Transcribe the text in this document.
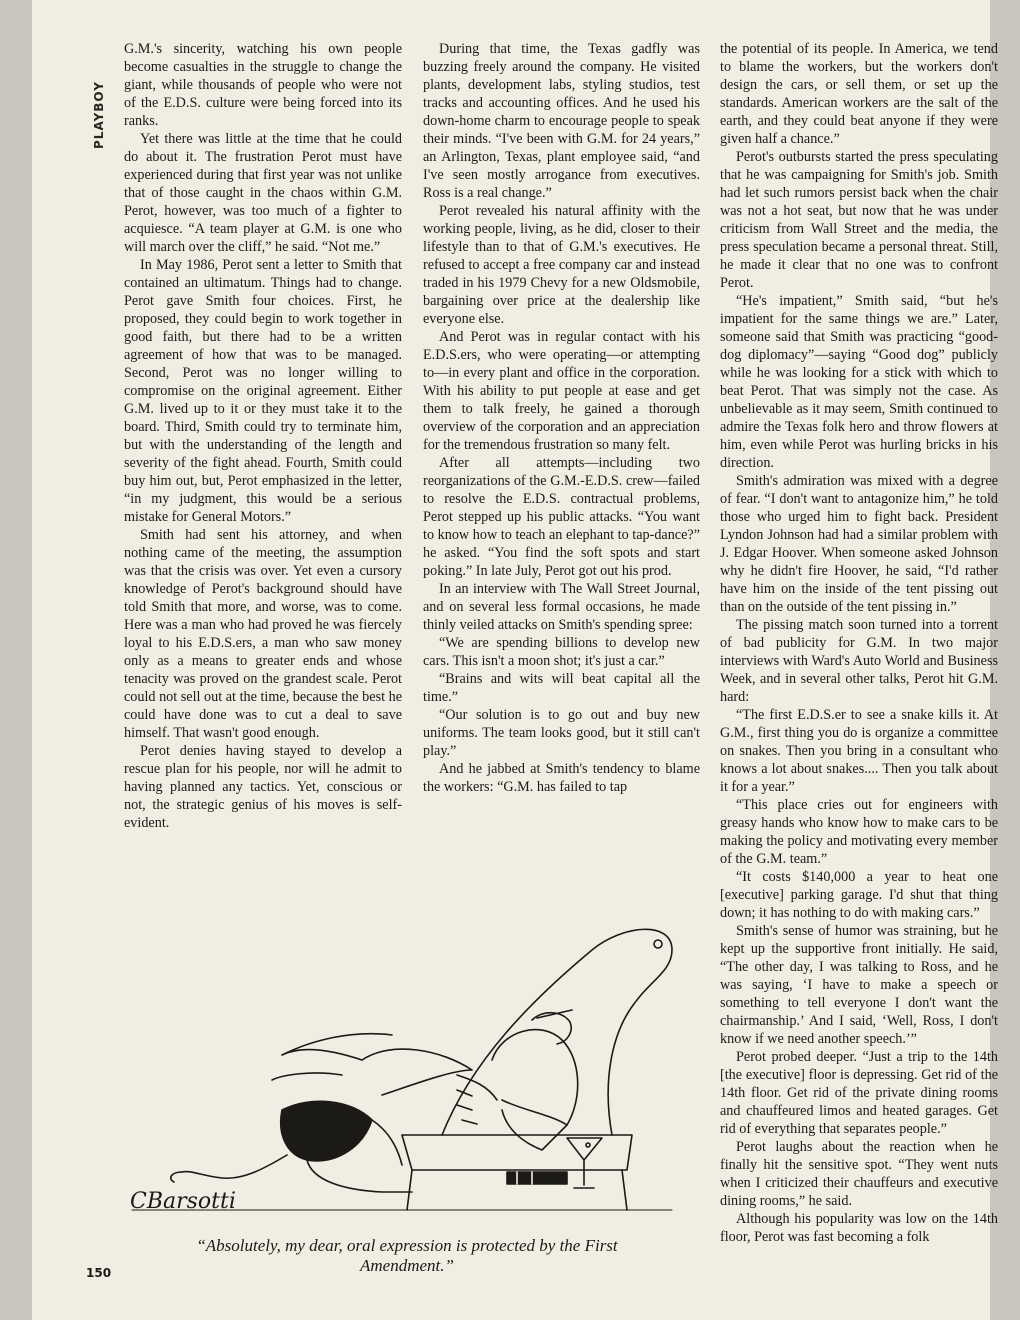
PLAYBOY

G.M.'s sincerity, watching his own people become casualties in the struggle to change the giant, while thousands of people who were not of the E.D.S. culture were being forced into its ranks.

Yet there was little at the time that he could do about it. The frustration Perot must have experienced during that first year was not unlike that of those caught in the chaos within G.M. Perot, however, was too much of a fighter to acquiesce. “A team player at G.M. is one who will march over the cliff,” he said. “Not me.”

In May 1986, Perot sent a letter to Smith that contained an ultimatum. Things had to change. Perot gave Smith four choices. First, he proposed, they could begin to work together in good faith, but there had to be a written agreement of how that was to be managed. Second, Perot was no longer willing to compromise on the original agreement. Either G.M. lived up to it or they must take it to the board. Third, Smith could try to terminate him, but with the understanding of the length and severity of the fight ahead. Fourth, Smith could buy him out, but, Perot emphasized in the letter, “in my judgment, this would be a serious mistake for General Motors.”

Smith had sent his attorney, and when nothing came of the meeting, the assumption was that the crisis was over. Yet even a cursory knowledge of Perot's background should have told Smith that more, and worse, was to come. Here was a man who had proved he was fiercely loyal to his E.D.S.ers, a man who saw money only as a means to greater ends and whose tenacity was proved on the grandest scale. Perot could not sell out at the time, because the best he could have done was to cut a deal to save himself. That wasn't good enough.

Perot denies having stayed to develop a rescue plan for his people, nor will he admit to having planned any tactics. Yet, conscious or not, the strategic genius of his moves is self-evident.

During that time, the Texas gadfly was buzzing freely around the company. He visited plants, development labs, styling studios, test tracks and accounting offices. And he used his down-home charm to encourage people to speak their minds. “I've been with G.M. for 24 years,” an Arlington, Texas, plant employee said, “and I've seen mostly arrogance from executives. Ross is a real change.”

Perot revealed his natural affinity with the working people, living, as he did, closer to their lifestyle than to that of G.M.'s executives. He refused to accept a free company car and instead traded in his 1979 Chevy for a new Oldsmobile, bargaining over price at the dealership like everyone else.

And Perot was in regular contact with his E.D.S.ers, who were operating—or attempting to—in every plant and office in the corporation. With his ability to put people at ease and get them to talk freely, he gained a thorough overview of the corporation and an appreciation for the tremendous frustration so many felt.

After all attempts—including two reorganizations of the G.M.-E.D.S. crew—failed to resolve the E.D.S. contractual problems, Perot stepped up his public attacks. “You want to know how to teach an elephant to tap-dance?” he asked. “You find the soft spots and start poking.” In late July, Perot got out his prod.

In an interview with The Wall Street Journal, and on several less formal occasions, he made thinly veiled attacks on Smith's spending spree:

“We are spending billions to develop new cars. This isn't a moon shot; it's just a car.”

“Brains and wits will beat capital all the time.”

“Our solution is to go out and buy new uniforms. The team looks good, but it still can't play.”

And he jabbed at Smith's tendency to blame the workers: “G.M. has failed to tap

the potential of its people. In America, we tend to blame the workers, but the workers don't design the cars, or sell them, or set up the standards. American workers are the salt of the earth, and they could beat anyone if they were given half a chance.”

Perot's outbursts started the press speculating that he was campaigning for Smith's job. Smith had let such rumors persist back when the chair was not a hot seat, but now that he was under criticism from Wall Street and the media, the press speculation became a personal threat. Still, he made it clear that no one was to confront Perot.

“He's impatient,” Smith said, “but he's impatient for the same things we are.” Later, someone said that Smith was practicing “good-dog diplomacy”—saying “Good dog” publicly while he was looking for a stick with which to beat Perot. That was simply not the case. As unbelievable as it may seem, Smith continued to admire the Texas folk hero and throw flowers at him, even while Perot was hurling bricks in his direction.

Smith's admiration was mixed with a degree of fear. “I don't want to antagonize him,” he told those who urged him to fight back. President Lyndon Johnson had had a similar problem with J. Edgar Hoover. When someone asked Johnson why he didn't fire Hoover, he said, “I'd rather have him on the inside of the tent pissing out than on the outside of the tent pissing in.”

The pissing match soon turned into a torrent of bad publicity for G.M. In two major interviews with Ward's Auto World and Business Week, and in several other talks, Perot hit G.M. hard:

“The first E.D.S.er to see a snake kills it. At G.M., first thing you do is organize a committee on snakes. Then you bring in a consultant who knows a lot about snakes.... Then you talk about it for a year.”

“This place cries out for engineers with greasy hands who know how to make cars to be making the policy and motivating every member of the G.M. team.”

“It costs $140,000 a year to heat one [executive] parking garage. I'd shut that thing down; it has nothing to do with making cars.”

Smith's sense of humor was straining, but he kept up the supportive front initially. He said, “The other day, I was talking to Ross, and he was saying, ‘I have to make a speech or something to tell everyone I don't want the chairmanship.’ And I said, ‘Well, Ross, I don't know if we need another speech.’”

Perot probed deeper. “Just a trip to the 14th [the executive] floor is depressing. Get rid of the 14th floor. Get rid of the private dining rooms and chauffeured limos and heated garages. Get rid of everything that separates people.”

Perot laughs about the reaction when he finally hit the sensitive spot. “They went nuts when I criticized their chauffeurs and executive dining rooms,” he said.

Although his popularity was low on the 14th floor, Perot was fast becoming a folk

CBarsotti
“Absolutely, my dear, oral expression is protected by the First Amendment.”
150
